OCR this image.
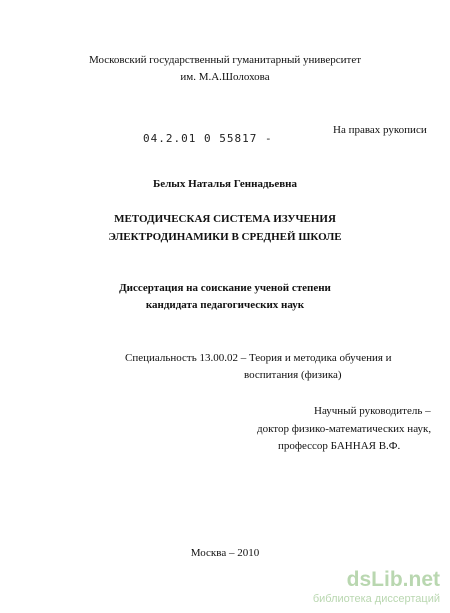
Московский государственный гуманитарный университет
им. М.А.Шолохова
04.2.01 0 55817 -
На правах рукописи
Белых Наталья Геннадьевна
МЕТОДИЧЕСКАЯ СИСТЕМА ИЗУЧЕНИЯ
ЭЛЕКТРОДИНАМИКИ В СРЕДНЕЙ ШКОЛЕ
Диссертация на соискание ученой степени
кандидата педагогических наук
Специальность 13.00.02 – Теория и методика обучения и
воспитания (физика)
Научный руководитель –
доктор физико-математических наук,
профессор БАННАЯ В.Ф.
Москва – 2010
dsLib.net
библиотека диссертаций
